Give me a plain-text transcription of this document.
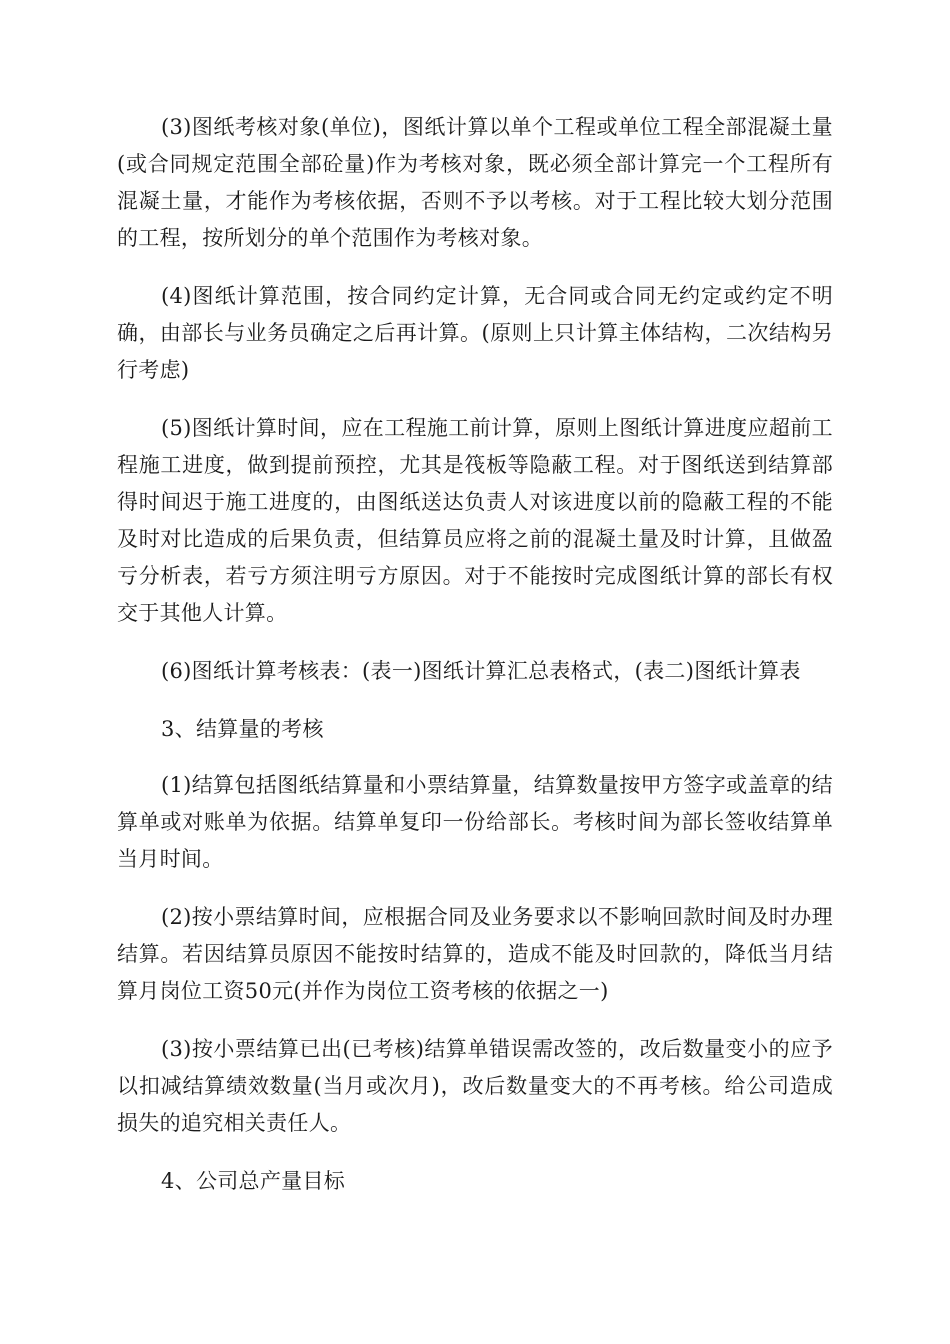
(3)图纸考核对象(单位)，图纸计算以单个工程或单位工程全部混凝土量(或合同规定范围全部砼量)作为考核对象，既必须全部计算完一个工程所有混凝土量，才能作为考核依据，否则不予以考核。对于工程比较大划分范围的工程，按所划分的单个范围作为考核对象。

(4)图纸计算范围，按合同约定计算，无合同或合同无约定或约定不明确，由部长与业务员确定之后再计算。(原则上只计算主体结构，二次结构另行考虑)

(5)图纸计算时间，应在工程施工前计算，原则上图纸计算进度应超前工程施工进度，做到提前预控，尤其是筏板等隐蔽工程。对于图纸送到结算部得时间迟于施工进度的，由图纸送达负责人对该进度以前的隐蔽工程的不能及时对比造成的后果负责，但结算员应将之前的混凝土量及时计算，且做盈亏分析表，若亏方须注明亏方原因。对于不能按时完成图纸计算的部长有权交于其他人计算。

(6)图纸计算考核表：(表一)图纸计算汇总表格式，(表二)图纸计算表

3、结算量的考核

(1)结算包括图纸结算量和小票结算量，结算数量按甲方签字或盖章的结算单或对账单为依据。结算单复印一份给部长。考核时间为部长签收结算单当月时间。

(2)按小票结算时间，应根据合同及业务要求以不影响回款时间及时办理结算。若因结算员原因不能按时结算的，造成不能及时回款的，降低当月结算月岗位工资50元(并作为岗位工资考核的依据之一)

(3)按小票结算已出(已考核)结算单错误需改签的，改后数量变小的应予以扣减结算绩效数量(当月或次月)，改后数量变大的不再考核。给公司造成损失的追究相关责任人。

4、公司总产量目标
